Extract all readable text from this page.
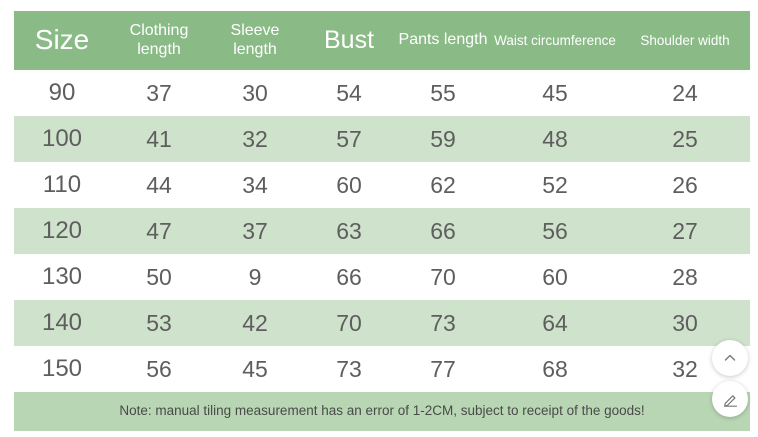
Size	Clothing length	Sleeve length	Bust	Pants length	Waist circumference	Shoulder width
90	37	30	54	55	45	24
100	41	32	57	59	48	25
110	44	34	60	62	52	26
120	47	37	63	66	56	27
130	50	9	66	70	60	28
140	53	42	70	73	64	30
150	56	45	73	77	68	32
Note: manual tiling measurement has an error of 1-2CM, subject to receipt of the goods!
